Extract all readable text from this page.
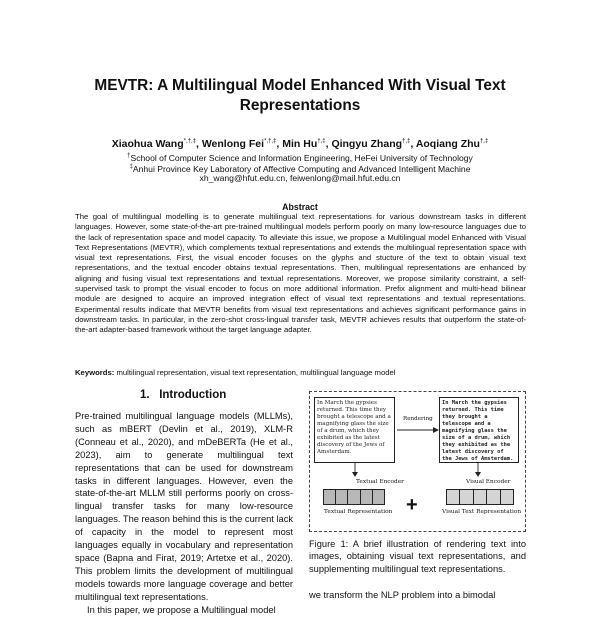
MEVTR: A Multilingual Model Enhanced With Visual Text Representations
Xiaohua Wang*,†,‡, Wenlong Fei*,†,‡, Min Hu†,‡, Qingyu Zhang†,‡, Aoqiang Zhu†,‡
†School of Computer Science and Information Engineering, HeFei University of Technology
‡Anhui Province Key Laboratory of Affective Computing and Advanced Intelligent Machine
xh_wang@hfut.edu.cn, feiwenlong@mail.hfut.edu.cn
Abstract
The goal of multilingual modelling is to generate multilingual text representations for various downstream tasks in different languages. However, some state-of-the-art pre-trained multilingual models perform poorly on many low-resource languages due to the lack of representation space and model capacity. To alleviate this issue, we propose a Multilingual model Enhanced with Visual Text Representations (MEVTR), which complements textual representations and extends the multilingual representation space with visual text representations. First, the visual encoder focuses on the glyphs and stucture of the text to obtain visual text representations, and the textual encoder obtains textual representations. Then, multilingual representations are enhanced by aligning and fusing visual text representations and textual representations. Moreover, we propose similarity constraint, a self-supervised task to prompt the visual encoder to focus on more additional information. Prefix alignment and multi-head bilinear module are designed to acquire an improved integration effect of visual text representations and textual representations. Experimental results indicate that MEVTR benefits from visual text representations and achieves significant performance gains in downstream tasks. In particular, in the zero-shot cross-lingual transfer task, MEVTR achieves results that outperform the state-of-the-art adapter-based framework without the target language adapter.
Keywords: multilingual representation, visual text representation, multilingual language model
1. Introduction

Pre-trained multilingual language models (MLLMs), such as mBERT (Devlin et al., 2019), XLM-R (Conneau et al., 2020), and mDeBERTa (He et al., 2023), aim to generate multilingual text representations that can be used for downstream tasks in different languages. However, even the state-of-the-art MLLM still performs poorly on cross-lingual transfer tasks for many low-resource languages. The reason behind this is the current lack of capacity in the model to represent most languages equally in vocabulary and representation space (Bapna and Firat, 2019; Artetxe et al., 2020). This problem limits the development of multilingual models towards more language coverage and better multilingual text representations.

In this paper, we propose a Multilingual model

In March the gypsies returned. This time they brought a telescope and a magnifying glass the size of a drum, which they exhibited as the latest discovery of the Jews of Amsterdam.
In March the gypsies returned. This time they brought a telescope and a magnifying glass the size of a drum, which they exhibited as the latest discovery of the Jews of Amsterdam.
Rendering
Textual Encoder	Visual Encoder
+
Textual Representation	Visual Text Representation
Figure 1: A brief illustration of rendering text into images, obtaining visual text representations, and supplementing multilingual text representations.
we transform the NLP problem into a bimodal
